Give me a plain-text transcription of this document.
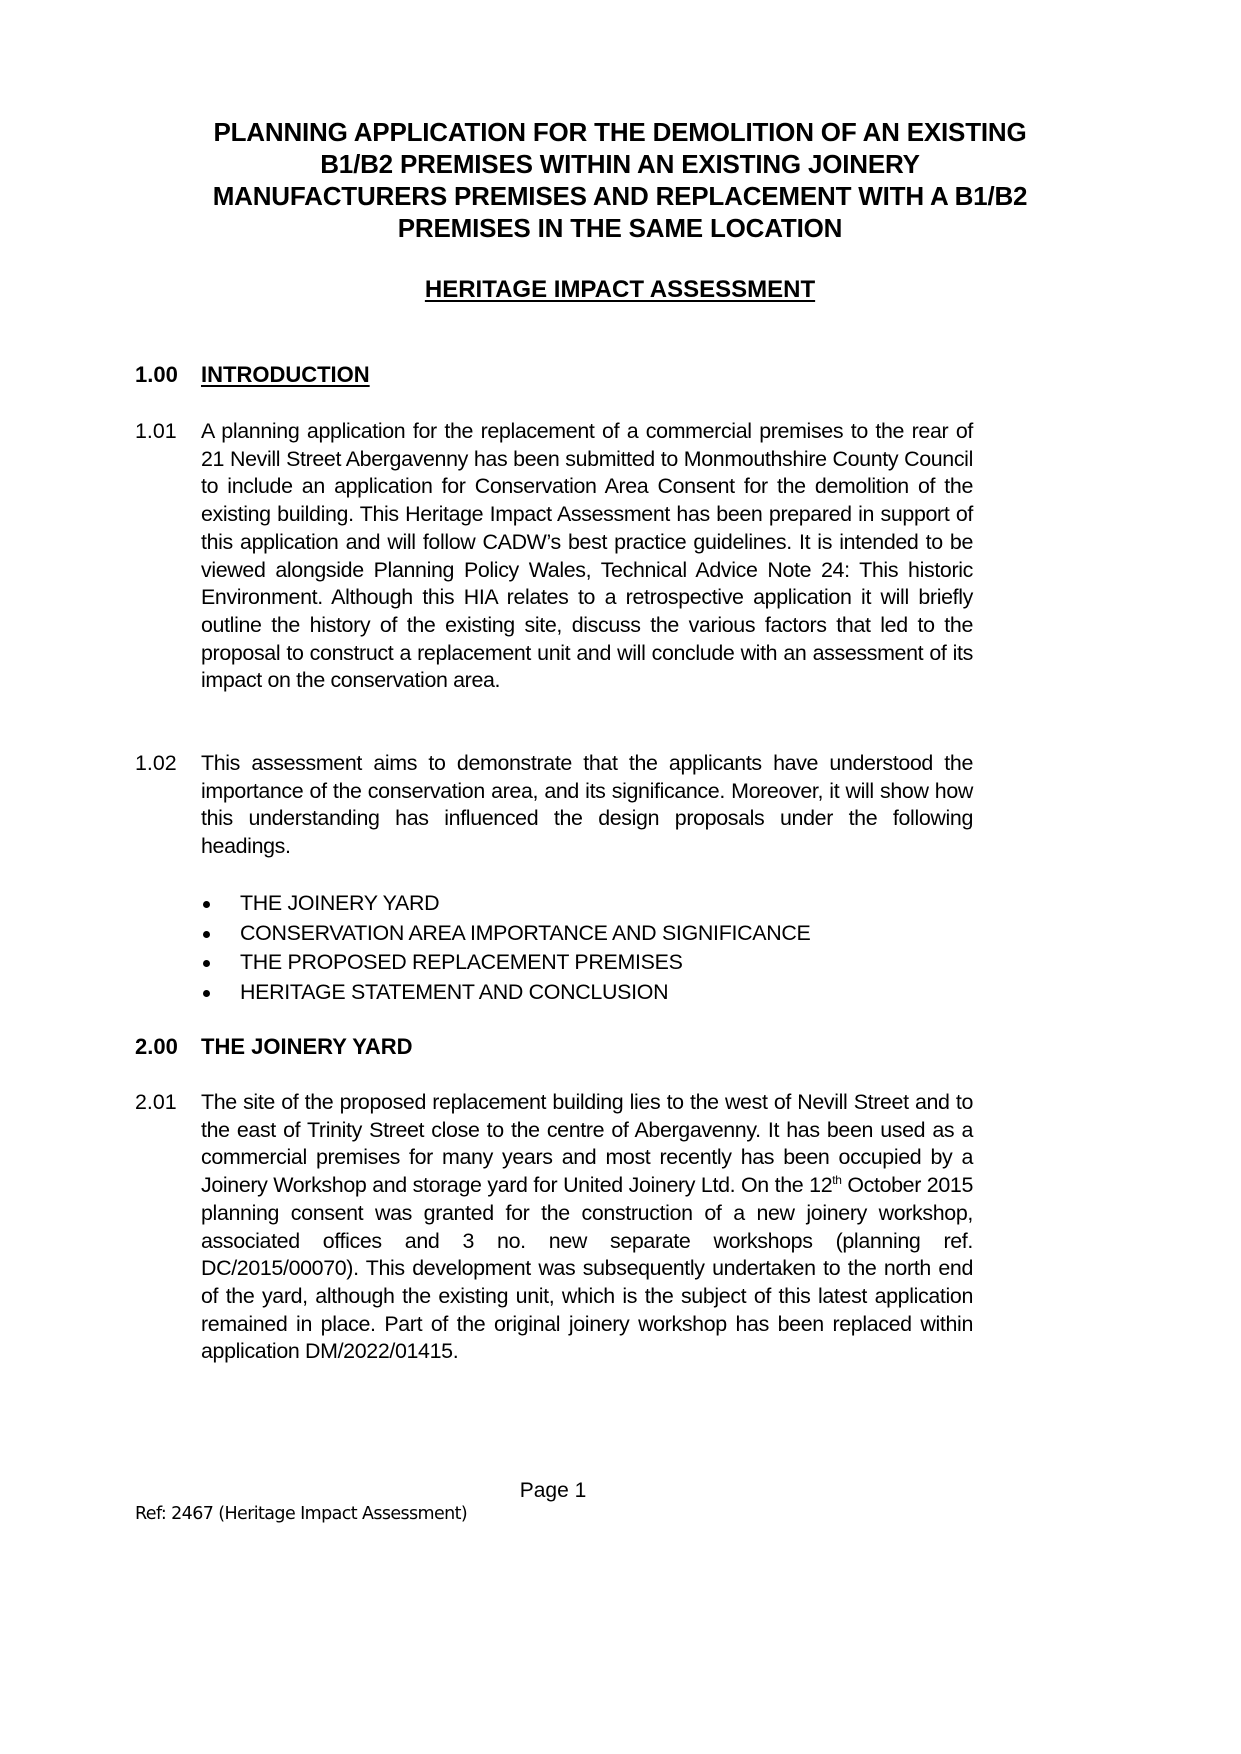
PLANNING APPLICATION FOR THE DEMOLITION OF AN EXISTING
B1/B2 PREMISES WITHIN AN EXISTING JOINERY
MANUFACTURERS PREMISES AND REPLACEMENT WITH A B1/B2
PREMISES IN THE SAME LOCATION
HERITAGE IMPACT ASSESSMENT
1.00 INTRODUCTION
1.01 A planning application for the replacement of a commercial premises to the rear of 21 Nevill Street Abergavenny has been submitted to Monmouthshire County Council to include an application for Conservation Area Consent for the demolition of the existing building. This Heritage Impact Assessment has been prepared in support of this application and will follow CADW’s best practice guidelines. It is intended to be viewed alongside Planning Policy Wales, Technical Advice Note 24: This historic Environment. Although this HIA relates to a retrospective application it will briefly outline the history of the existing site, discuss the various factors that led to the proposal to construct a replacement unit and will conclude with an assessment of its impact on the conservation area.
1.02 This assessment aims to demonstrate that the applicants have understood the importance of the conservation area, and its significance. Moreover, it will show how this understanding has influenced the design proposals under the following headings.
THE JOINERY YARD
CONSERVATION AREA IMPORTANCE AND SIGNIFICANCE
THE PROPOSED REPLACEMENT PREMISES
HERITAGE STATEMENT AND CONCLUSION
2.00 THE JOINERY YARD
2.01 The site of the proposed replacement building lies to the west of Nevill Street and to the east of Trinity Street close to the centre of Abergavenny. It has been used as a commercial premises for many years and most recently has been occupied by a Joinery Workshop and storage yard for United Joinery Ltd. On the 12th October 2015 planning consent was granted for the construction of a new joinery workshop, associated offices and 3 no. new separate workshops (planning ref. DC/2015/00070). This development was subsequently undertaken to the north end of the yard, although the existing unit, which is the subject of this latest application remained in place. Part of the original joinery workshop has been replaced within application DM/2022/01415.
Page 1
Ref: 2467 (Heritage Impact Assessment)
